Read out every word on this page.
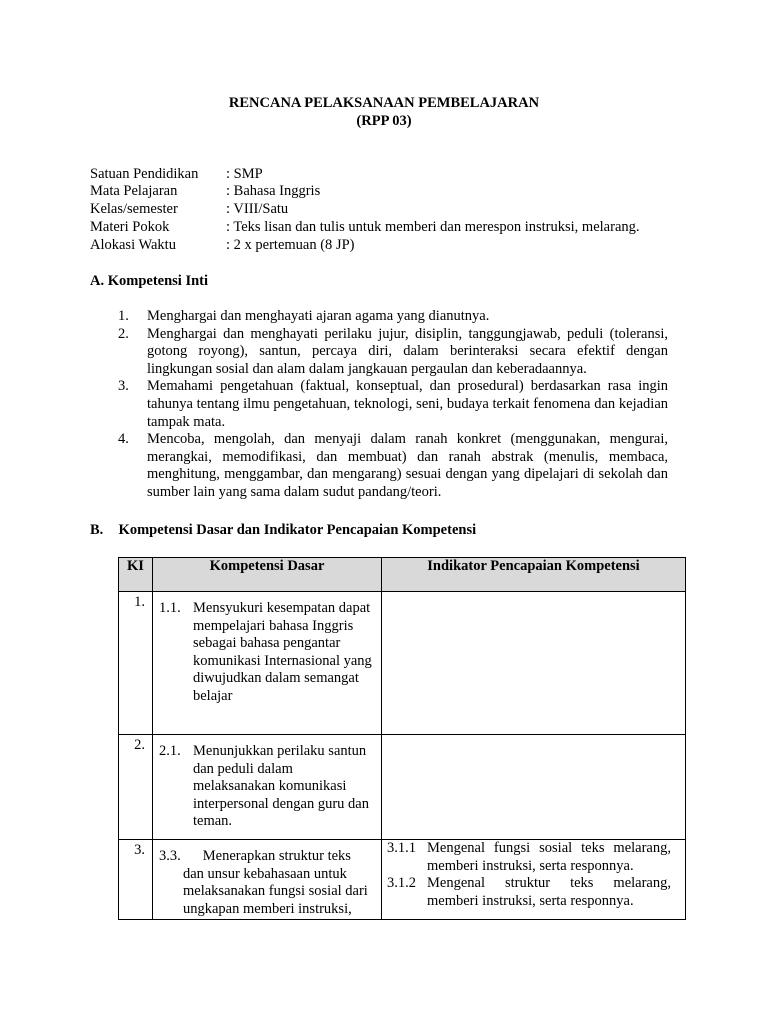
RENCANA PELAKSANAAN PEMBELAJARAN
(RPP 03)
Satuan Pendidikan : SMP
Mata Pelajaran	: Bahasa Inggris
Kelas/semester	: VIII/Satu
Materi Pokok	: Teks lisan dan tulis untuk memberi dan merespon instruksi, melarang.
Alokasi Waktu	: 2 x pertemuan (8 JP)
A. Kompetensi Inti
1. Menghargai dan menghayati ajaran agama yang dianutnya.
2. Menghargai dan menghayati perilaku jujur, disiplin, tanggungjawab, peduli (toleransi, gotong royong), santun, percaya diri, dalam berinteraksi secara efektif dengan lingkungan sosial dan alam dalam jangkauan pergaulan dan keberadaannya.
3. Memahami pengetahuan (faktual, konseptual, dan prosedural) berdasarkan rasa ingin tahunya tentang ilmu pengetahuan, teknologi, seni, budaya terkait fenomena dan kejadian tampak mata.
4. Mencoba, mengolah, dan menyaji dalam ranah konkret (menggunakan, mengurai, merangkai, memodifikasi, dan membuat) dan ranah abstrak (menulis, membaca, menghitung, menggambar, dan mengarang) sesuai dengan yang dipelajari di sekolah dan sumber lain yang sama dalam sudut pandang/teori.
B. Kompetensi Dasar dan Indikator Pencapaian Kompetensi
KI	Kompetensi Dasar	Indikator Pencapaian Kompetensi
1.	1.1. Mensyukuri kesempatan dapat mempelajari bahasa Inggris sebagai bahasa pengantar komunikasi Internasional yang diwujudkan dalam semangat belajar	

2.	2.1. Menunjukkan perilaku santun dan peduli dalam melaksanakan komunikasi interpersonal dengan guru dan teman.	

3.	3.3. Menerapkan struktur teks dan unsur kebahasaan untuk melaksanakan fungsi sosial dari ungkapan memberi instruksi,	3.1.1 Mengenal fungsi sosial teks melarang, memberi instruksi, serta responnya.
3.1.2 Mengenal struktur teks melarang, memberi instruksi, serta responnya.
